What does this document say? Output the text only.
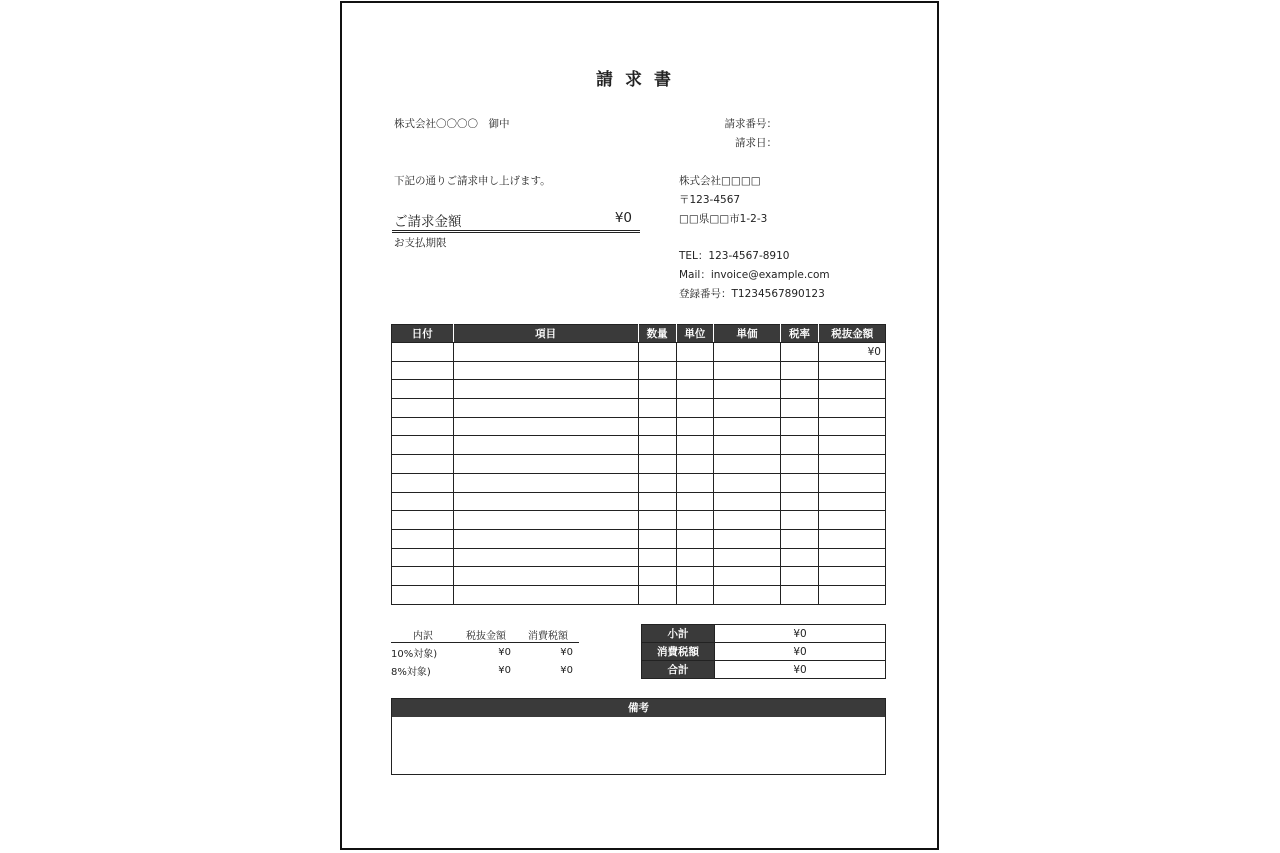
請求書
株式会社〇〇〇〇　御中	請求番号：
請求日：
下記の通りご請求申し上げます。
ご請求金額	¥0
お支払期限
株式会社□□□□
〒123-4567
□□県□□市1-2-3
TEL：123-4567-8910
Mail：invoice@example.com
登録番号：T1234567890123
日付	項目	数量	単位	単価	税率	税抜金額
						¥0

内訳	税抜金額	消費税額
10%対象)	¥0	¥0
8%対象)	¥0	¥0
小計	¥0
消費税額	¥0
合計	¥0
備考
